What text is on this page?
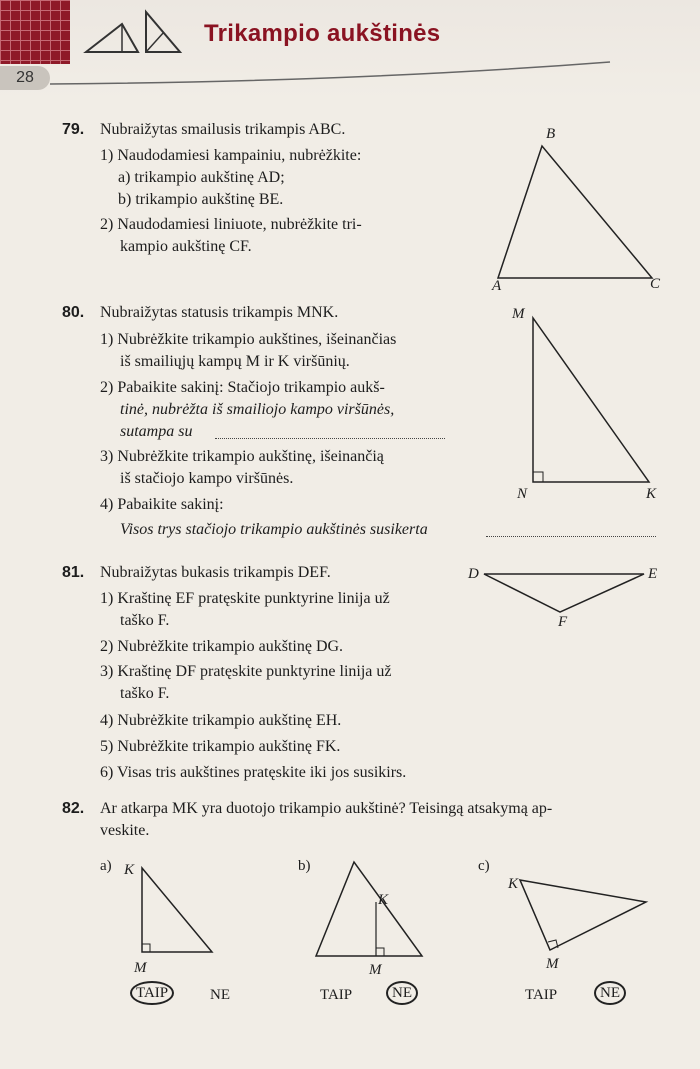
Trikampio aukštinės
28
79. Nubraižytas smailusis trikampis ABC.
1) Naudodamiesi kampainiu, nubrėžkite:
a) trikampio aukštinę AD;
b) trikampio aukštinę BE.
2) Naudodamiesi liniuote, nubrėžkite tri-
kampio aukštinę CF.
B
A	C
80. Nubraižytas statusis trikampis MNK.
1) Nubrėžkite trikampio aukštines, išeinančias
iš smailiųjų kampų M ir K viršūnių.
2) Pabaikite sakinį: Stačiojo trikampio aukš-
tinė, nubrėžta iš smailiojo kampo viršūnės,
sutampa su
3) Nubrėžkite trikampio aukštinę, išeinančią
iš stačiojo kampo viršūnės.
4) Pabaikite sakinį:
Visos trys stačiojo trikampio aukštinės susikerta
M
N	K
81. Nubraižytas bukasis trikampis DEF.
1) Kraštinę EF pratęskite punktyrine linija už
taško F.
2) Nubrėžkite trikampio aukštinę DG.
3) Kraštinę DF pratęskite punktyrine linija už
taško F.
4) Nubrėžkite trikampio aukštinę EH.
5) Nubrėžkite trikampio aukštinę FK.
6) Visas tris aukštines pratęskite iki jos susikirs.
D	E
F
82. Ar atkarpa MK yra duotojo trikampio aukštinė? Teisingą atsakymą ap-
veskite.
a) K
M
TAIP	NE
b)
K
M
TAIP	NE
c)
K
M
TAIP	NE
